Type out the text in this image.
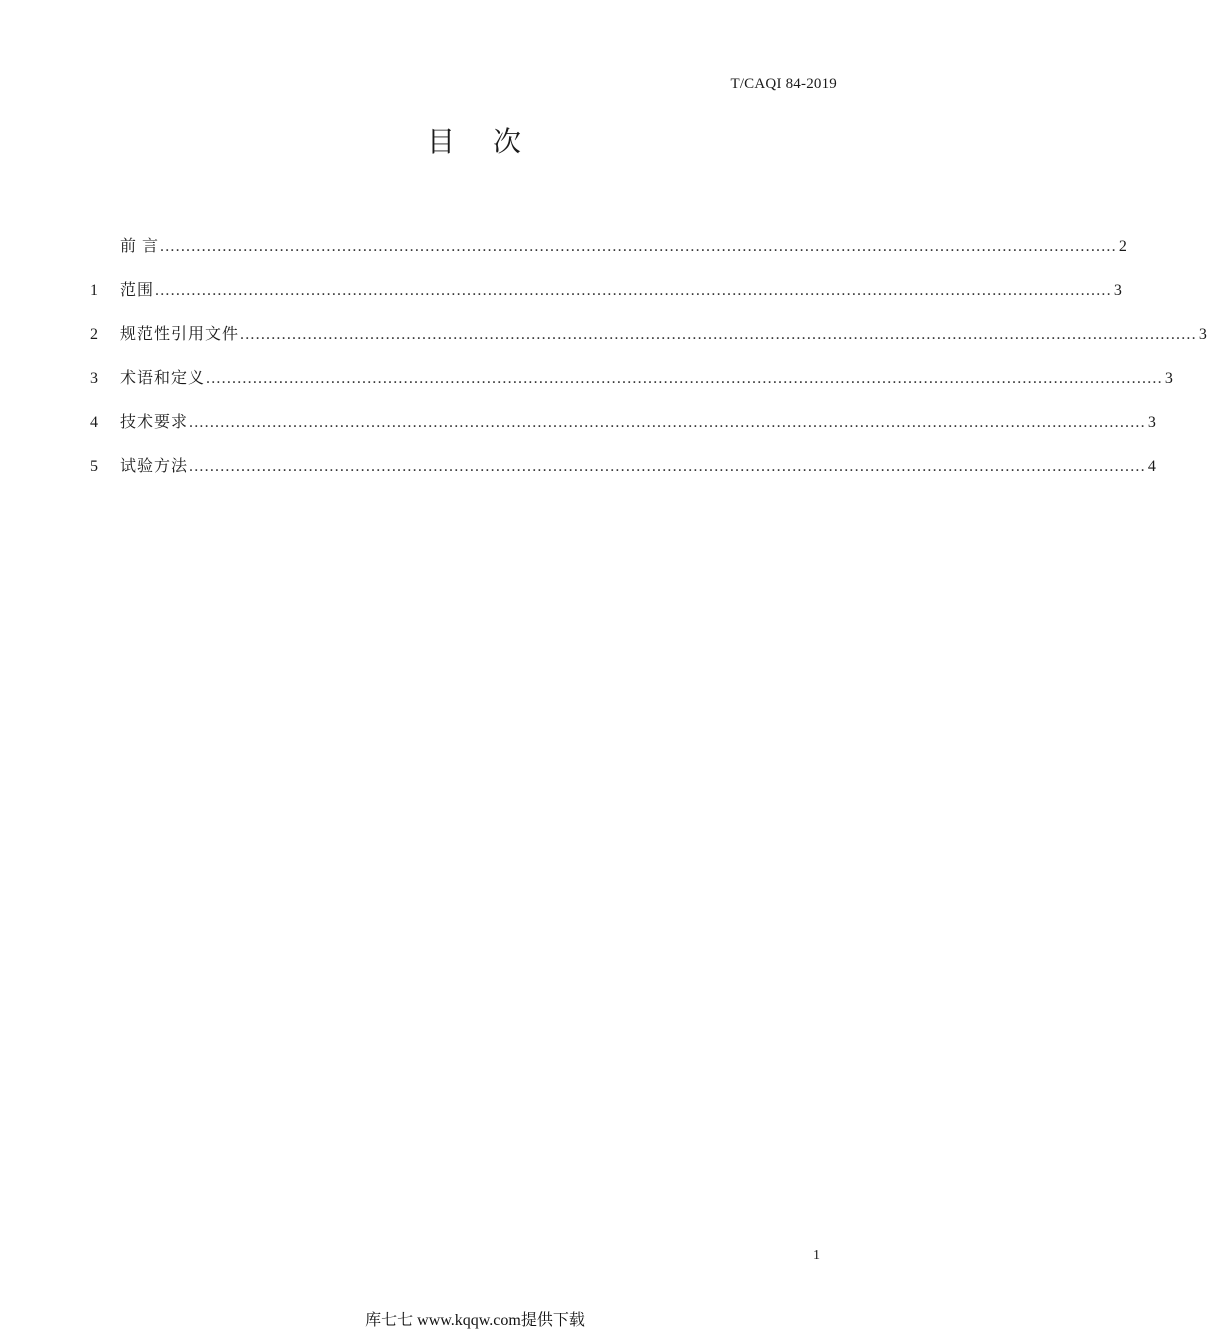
T/CAQI 84-2019
目 次
前 言 ........................................................................................................................................................................................ 2
1	范围 ........................................................................................................................................................................................ 3
2	规范性引用文件 ........................................................................................................................................................................................ 3
3	术语和定义 ........................................................................................................................................................................................ 3
4	技术要求 ........................................................................................................................................................................................ 3
5	试验方法 ........................................................................................................................................................................................ 4
1
库七七 www.kqqw.com提供下载
